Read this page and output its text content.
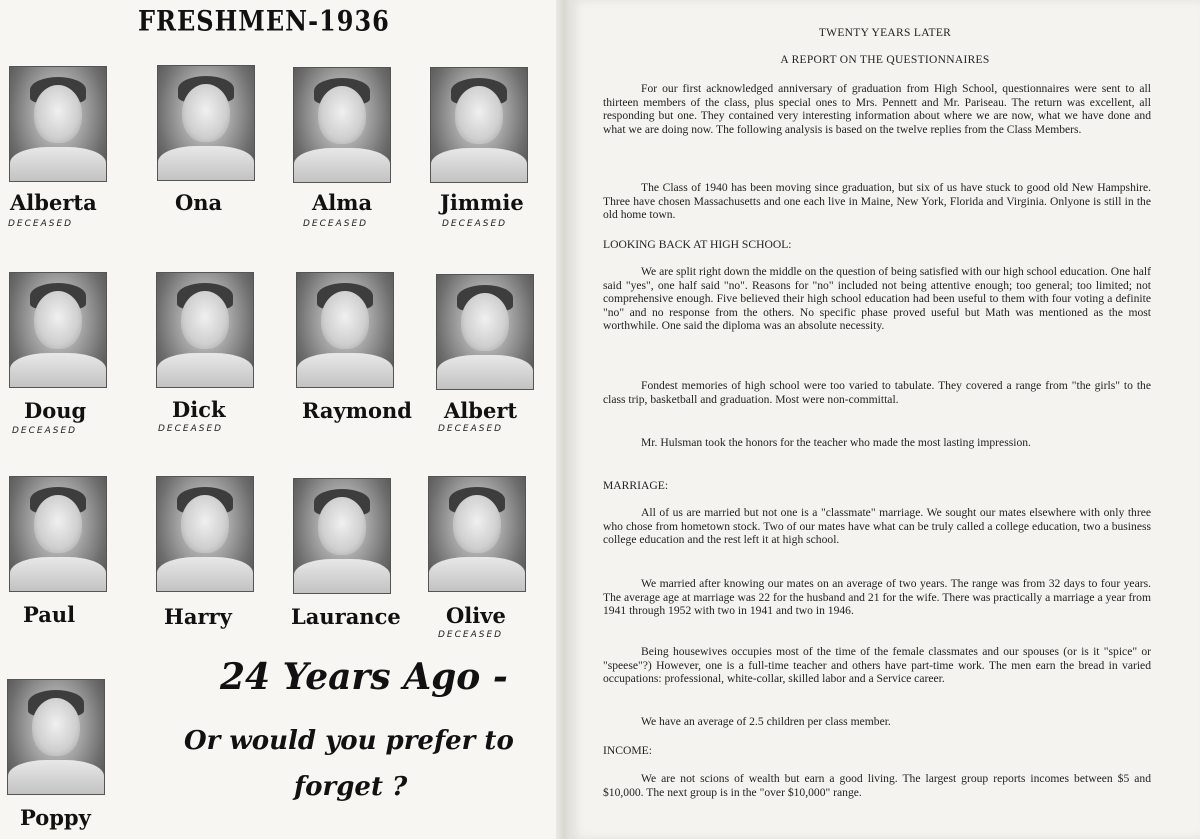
FRESHMEN-1936
Alberta
DECEASED
Ona	Alma
DECEASED
Jimmie
DECEASED
Doug
DECEASED
Dick
DECEASED
Raymond Albert
DECEASED
Paul	Harry	Laurance Olive
DECEASED
Poppy
24 Years Ago -
Or would you prefer to
forget ?
TWENTY YEARS LATER
A REPORT ON THE QUESTIONNAIRES
For our first acknowledged anniversary of graduation from High School, questionnaires were sent to all thirteen members of the class, plus special ones to Mrs. Pennett and Mr. Pariseau. The return was excellent, all responding but one. They contained very interesting information about where we are now, what we have done and what we are doing now. The following analysis is based on the twelve replies from the Class Members.
The Class of 1940 has been moving since graduation, but six of us have stuck to good old New Hampshire. Three have chosen Massachusetts and one each live in Maine, New York, Florida and Virginia. Onlyone is still in the old home town.
LOOKING BACK AT HIGH SCHOOL:
We are split right down the middle on the question of being satisfied with our high school education. One half said "yes", one half said "no". Reasons for "no" included not being attentive enough; too general; too limited; not comprehensive enough. Five believed their high school education had been useful to them with four voting a definite "no" and no response from the others. No specific phase proved useful but Math was mentioned as the most worthwhile. One said the diploma was an absolute necessity.
Fondest memories of high school were too varied to tabulate. They covered a range from "the girls" to the class trip, basketball and graduation. Most were non-committal.
Mr. Hulsman took the honors for the teacher who made the most lasting impression.
MARRIAGE:
All of us are married but not one is a "classmate" marriage. We sought our mates elsewhere with only three who chose from hometown stock. Two of our mates have what can be truly called a college education, two a business college education and the rest left it at high school.
We married after knowing our mates on an average of two years. The range was from 32 days to four years. The average age at marriage was 22 for the husband and 21 for the wife. There was practically a marriage a year from 1941 through 1952 with two in 1941 and two in 1946.
Being housewives occupies most of the time of the female classmates and our spouses (or is it "spice" or "speese"?) However, one is a full-time teacher and others have part-time work. The men earn the bread in varied occupations: professional, white-collar, skilled labor and a Service career.
We have an average of 2.5 children per class member.
INCOME:
We are not scions of wealth but earn a good living. The largest group reports incomes between $5 and $10,000. The next group is in the "over $10,000" range.
